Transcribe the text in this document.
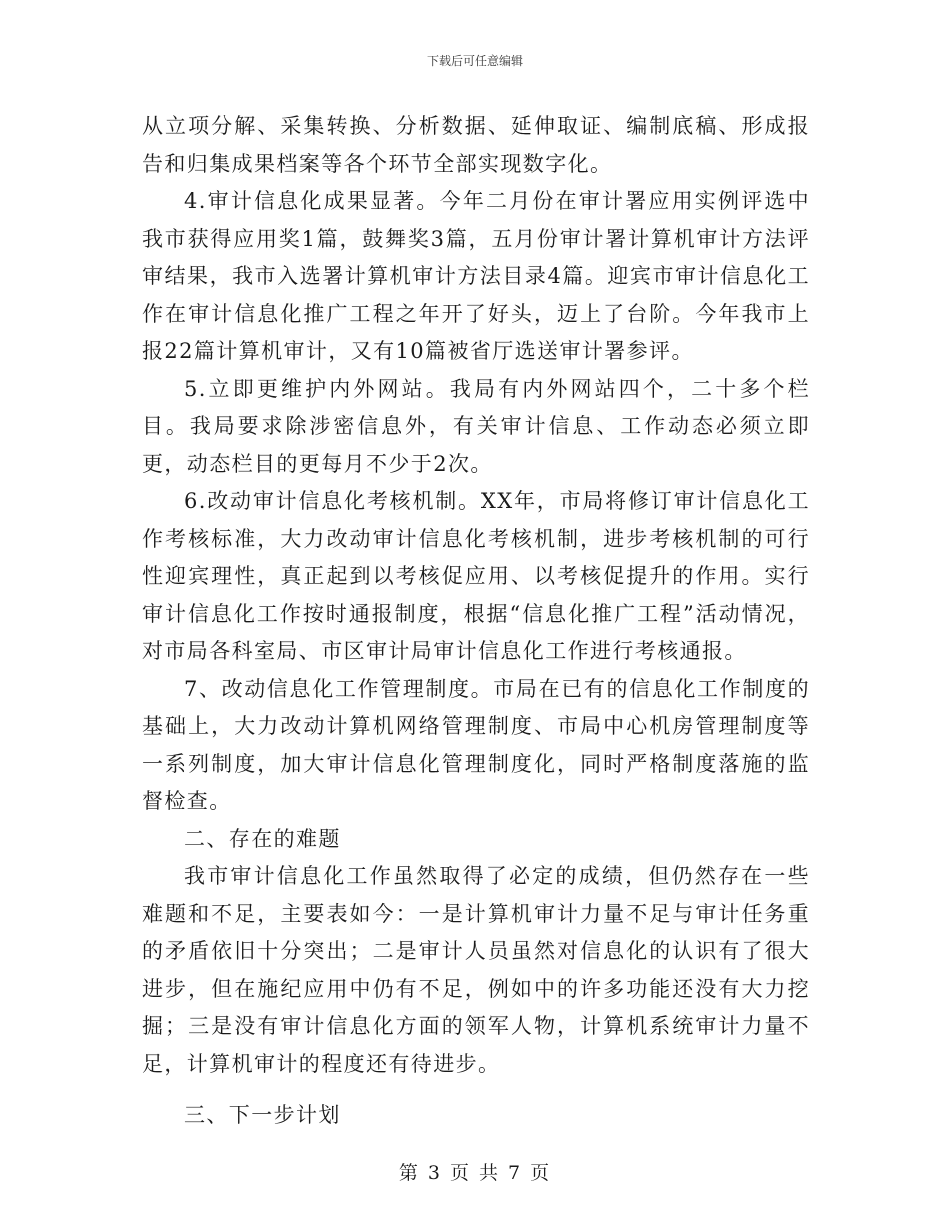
下载后可任意编辑

从立项分解、采集转换、分析数据、延伸取证、编制底稿、形成报告和归集成果档案等各个环节全部实现数字化。

4.审计信息化成果显著。今年二月份在审计署应用实例评选中我市获得应用奖1篇，鼓舞奖3篇，五月份审计署计算机审计方法评审结果，我市入选署计算机审计方法目录4篇。迎宾市审计信息化工作在审计信息化推广工程之年开了好头，迈上了台阶。今年我市上报22篇计算机审计，又有10篇被省厅选送审计署参评。

5.立即更维护内外网站。我局有内外网站四个，二十多个栏目。我局要求除涉密信息外，有关审计信息、工作动态必须立即更，动态栏目的更每月不少于2次。

6.改动审计信息化考核机制。XX年，市局将修订审计信息化工作考核标准，大力改动审计信息化考核机制，进步考核机制的可行性迎宾理性，真正起到以考核促应用、以考核促提升的作用。实行审计信息化工作按时通报制度，根据“信息化推广工程”活动情况，对市局各科室局、市区审计局审计信息化工作进行考核通报。

7、改动信息化工作管理制度。市局在已有的信息化工作制度的基础上，大力改动计算机网络管理制度、市局中心机房管理制度等一系列制度，加大审计信息化管理制度化，同时严格制度落施的监督检查。

二、存在的难题

我市审计信息化工作虽然取得了必定的成绩，但仍然存在一些难题和不足，主要表如今：一是计算机审计力量不足与审计任务重的矛盾依旧十分突出；二是审计人员虽然对信息化的认识有了很大进步，但在施纪应用中仍有不足，例如中的许多功能还没有大力挖掘；三是没有审计信息化方面的领军人物，计算机系统审计力量不足，计算机审计的程度还有待进步。

三、下一步计划

第 3 页 共 7 页
